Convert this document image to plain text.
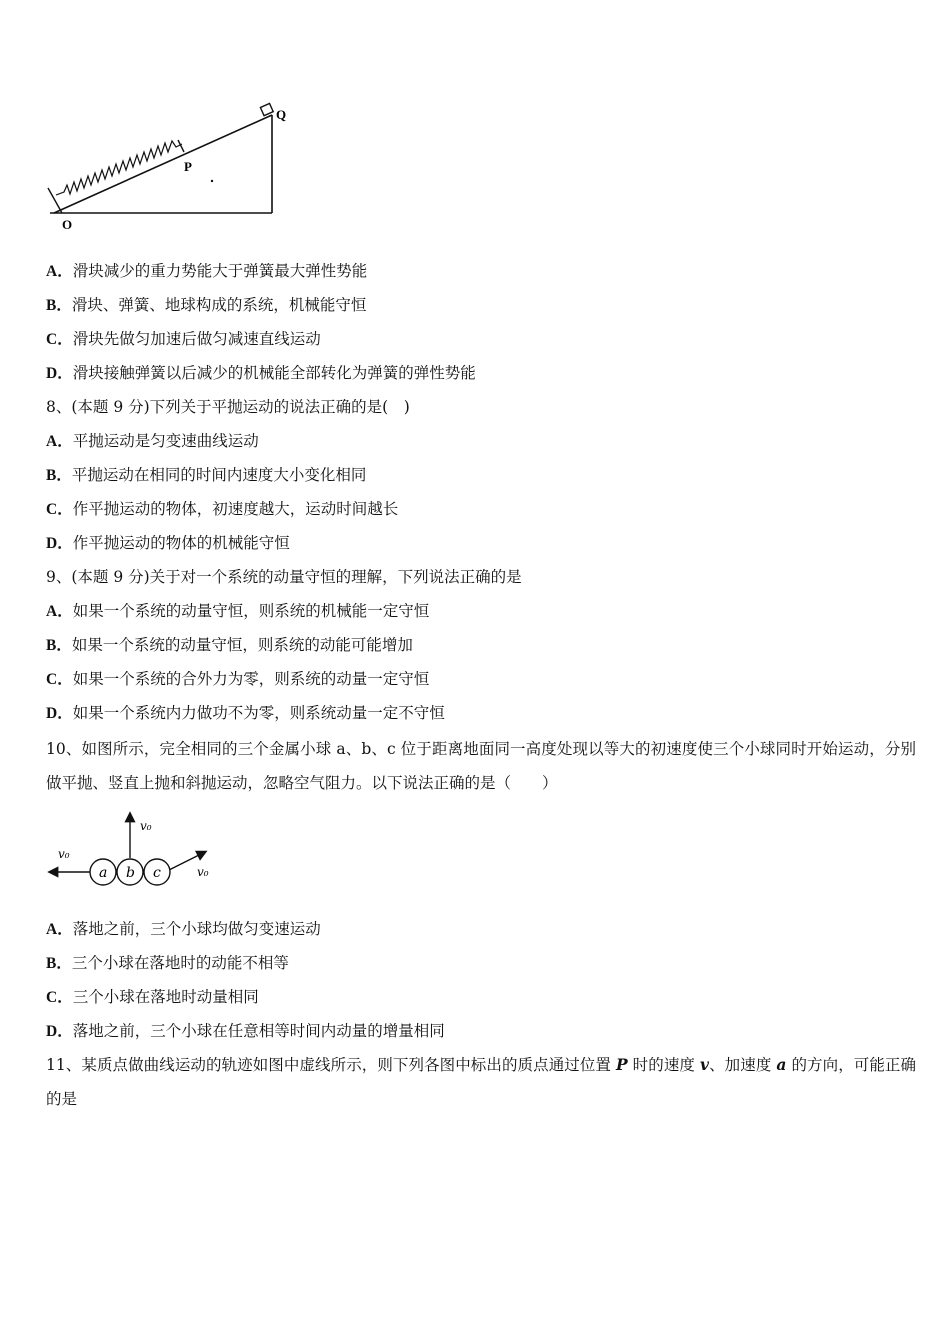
O
P
Q
A．滑块减少的重力势能大于弹簧最大弹性势能
B．滑块、弹簧、地球构成的系统，机械能守恒
C．滑块先做匀加速后做匀减速直线运动
D．滑块接触弹簧以后减少的机械能全部转化为弹簧的弹性势能
8、(本题 9 分)下列关于平抛运动的说法正确的是(　)
A．平抛运动是匀变速曲线运动
B．平抛运动在相同的时间内速度大小变化相同
C．作平抛运动的物体，初速度越大，运动时间越长
D．作平抛运动的物体的机械能守恒
9、(本题 9 分)关于对一个系统的动量守恒的理解，下列说法正确的是
A．如果一个系统的动量守恒，则系统的机械能一定守恒
B．如果一个系统的动量守恒，则系统的动能可能增加
C．如果一个系统的合外力为零，则系统的动量一定守恒
D．如果一个系统内力做功不为零，则系统动量一定不守恒
10、如图所示，完全相同的三个金属小球 a、b、c 位于距离地面同一高度处现以等大的初速度使三个小球同时开始运动，分别做平抛、竖直上抛和斜抛运动，忽略空气阻力。以下说法正确的是（　　）
a b c
v₀
v₀
v₀
A．落地之前，三个小球均做匀变速运动
B．三个小球在落地时的动能不相等
C．三个小球在落地时动量相同
D．落地之前，三个小球在任意相等时间内动量的增量相同
11、某质点做曲线运动的轨迹如图中虚线所示，则下列各图中标出的质点通过位置 P 时的速度 v、加速度 a 的方向，可能正确的是
